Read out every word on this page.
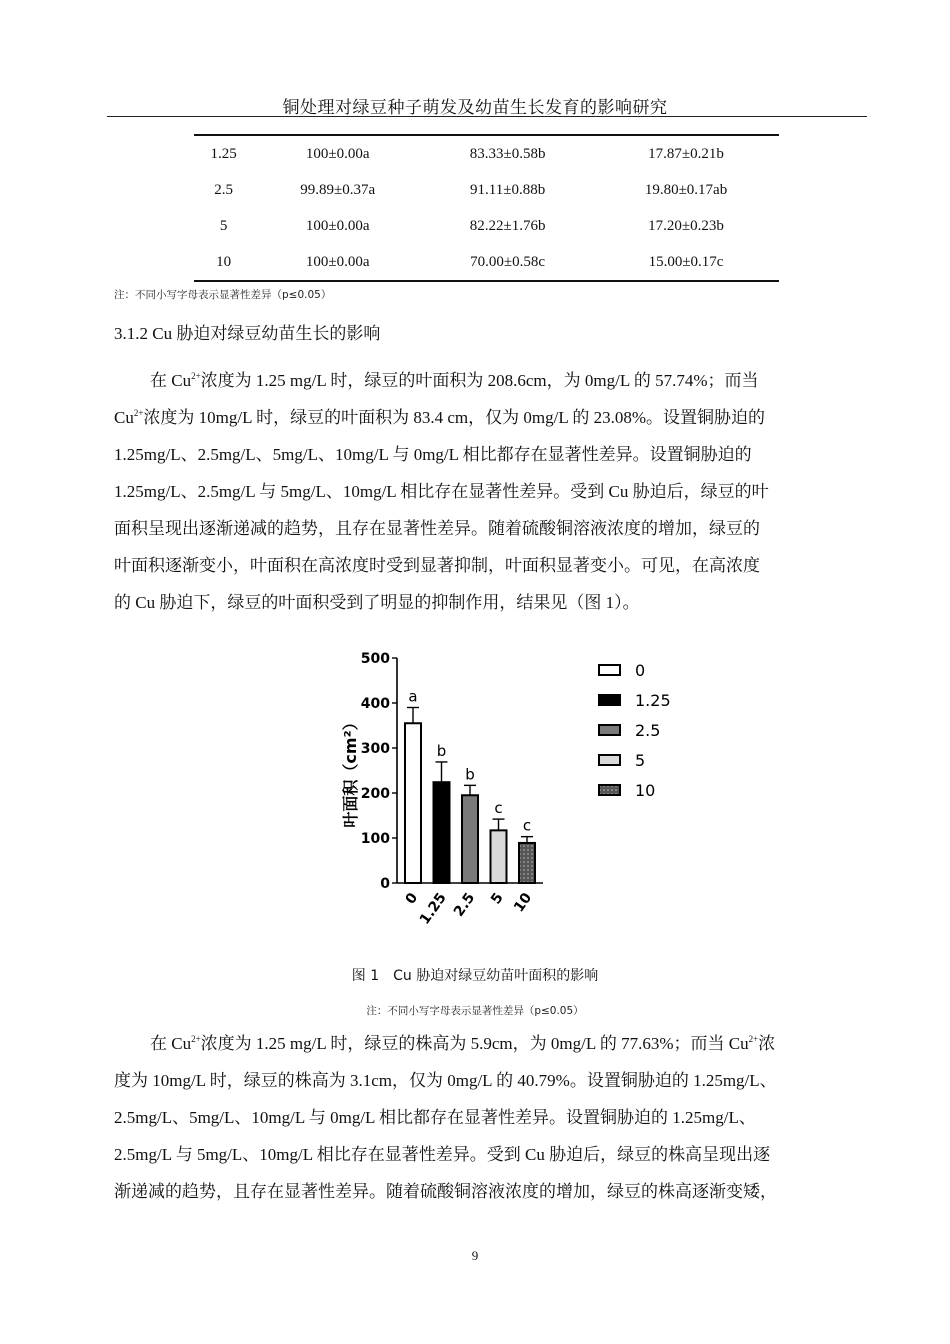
铜处理对绿豆种子萌发及幼苗生长发育的影响研究
1.25	100±0.00a	83.33±0.58b	17.87±0.21b
2.5	99.89±0.37a	91.11±0.88b	19.80±0.17ab
5	100±0.00a	82.22±1.76b	17.20±0.23b
10	100±0.00a	70.00±0.58c	15.00±0.17c
注：不同小写字母表示显著性差异（p≤0.05）
3.1.2 Cu 胁迫对绿豆幼苗生长的影响

在 $Cu^{2+}$浓度为 1.25 mg/L 时，绿豆的叶面积为 208.6cm，为 0mg/L 的 57.74%；而当

$Cu^{2+}$浓度为 10mg/L 时，绿豆的叶面积为 83.4 cm，仅为 0mg/L 的 23.08%。设置铜胁迫的

1.25mg/L、2.5mg/L、5mg/L、10mg/L 与 0mg/L 相比都存在显著性差异。设置铜胁迫的

1.25mg/L、2.5mg/L 与 5mg/L、10mg/L 相比存在显著性差异。受到 Cu 胁迫后，绿豆的叶

面积呈现出逐渐递减的趋势，且存在显著性差异。随着硫酸铜溶液浓度的增加，绿豆的

叶面积逐渐变小，叶面积在高浓度时受到显著抑制，叶面积显著变小。可见，在高浓度

的 Cu 胁迫下，绿豆的叶面积受到了明显的抑制作用，结果见（图 1）。

0
100
200
300
400
500
叶面积（cm²）
a
0
b
1.25
b
2.5
c
5
c
10
0
1.25
2.5
5
10
图 1 Cu 胁迫对绿豆幼苗叶面积的影响
注：不同小写字母表示显著性差异（p≤0.05）

在 $Cu^{2+}$浓度为 1.25 mg/L 时，绿豆的株高为 5.9cm，为 0mg/L 的 77.63%；而当 $Cu^{2+}$浓

度为 10mg/L 时，绿豆的株高为 3.1cm，仅为 0mg/L 的 40.79%。设置铜胁迫的 1.25mg/L、

2.5mg/L、5mg/L、10mg/L 与 0mg/L 相比都存在显著性差异。设置铜胁迫的 1.25mg/L、

2.5mg/L 与 5mg/L、10mg/L 相比存在显著性差异。受到 Cu 胁迫后，绿豆的株高呈现出逐

渐递减的趋势，且存在显著性差异。随着硫酸铜溶液浓度的增加，绿豆的株高逐渐变矮，

9
